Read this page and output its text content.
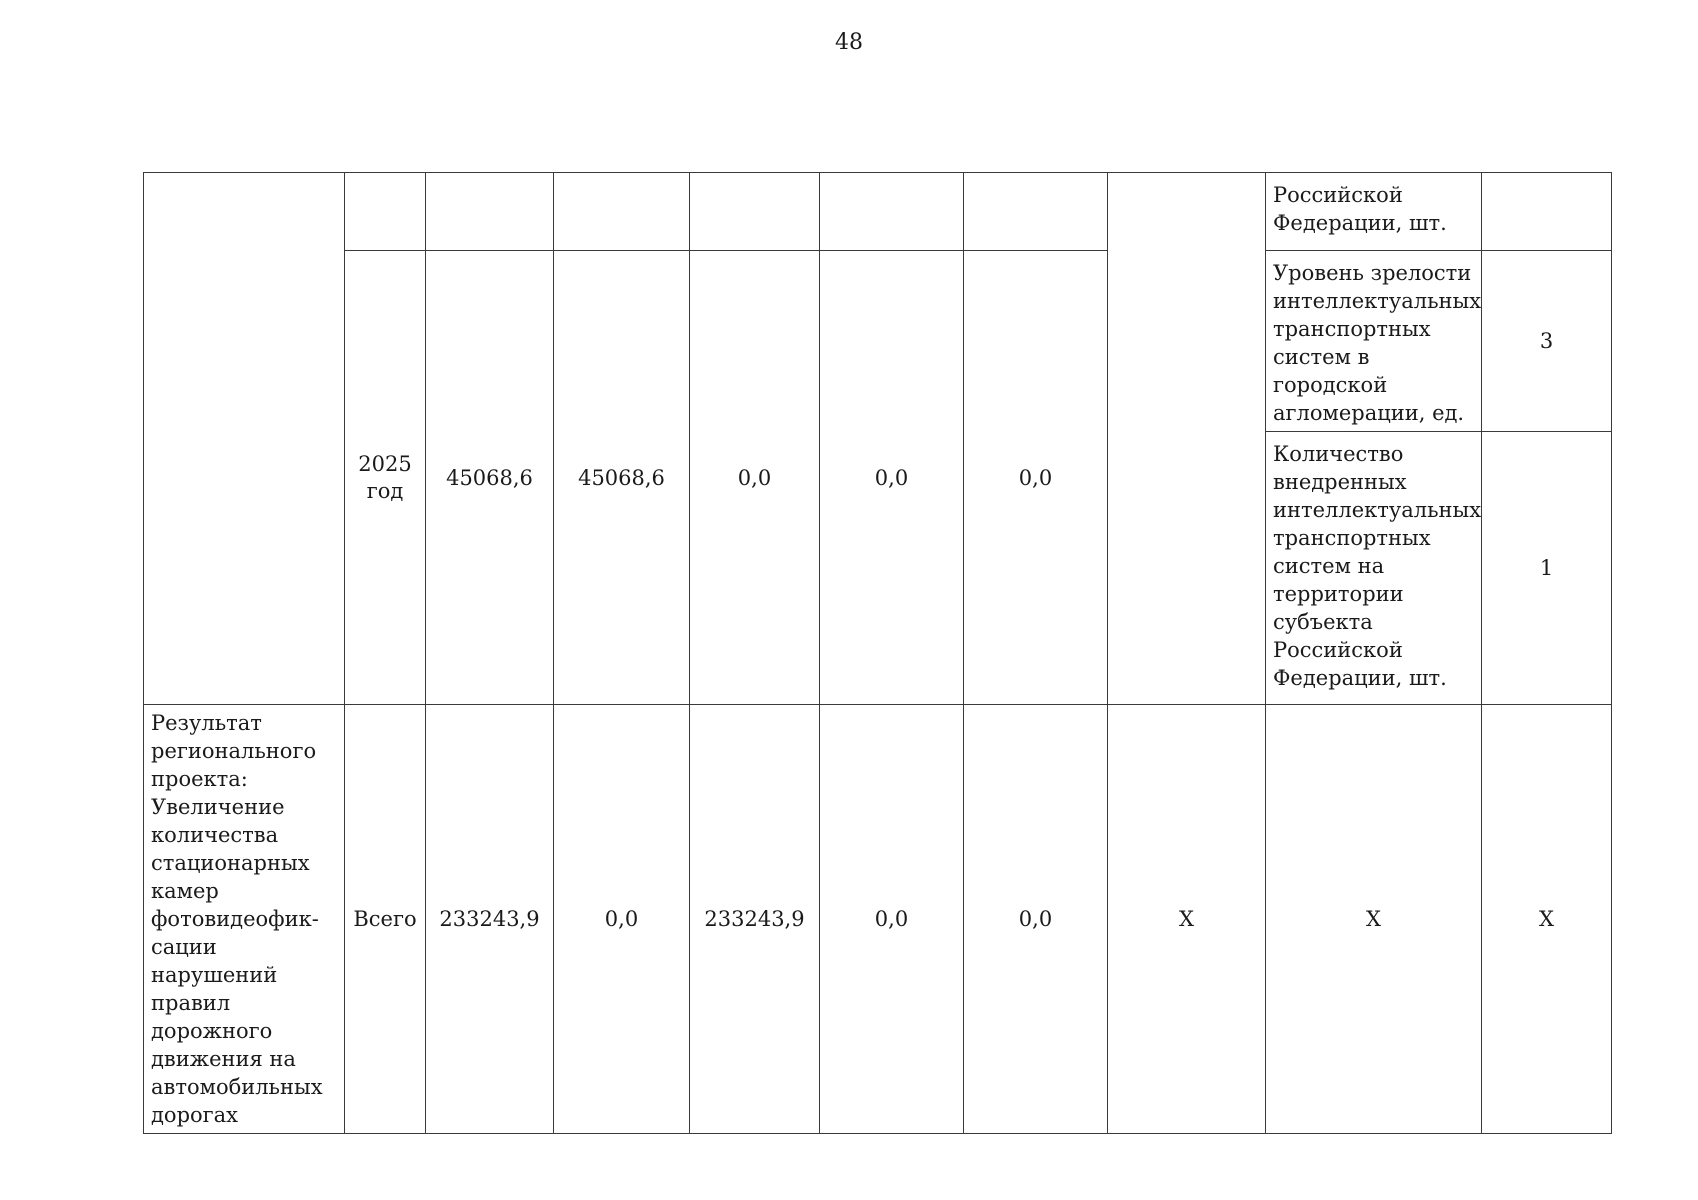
48
								Российской Федерации, шт.	
	2025 год	45068,6	45068,6	0,0	0,0	0,0		Уровень зрелости интеллектуальных транспортных систем в городской агломерации, ед.	3
								Количество внедренных интеллектуальных транспортных систем на территории субъекта Российской Федерации, шт.	1

Результат регионального проекта: Увеличение количества стационарных камер фотовидеофик-сации нарушений правил дорожного движения на автомобильных дорогах	Всего	233243,9	0,0	233243,9	0,0	0,0	X	X	X
